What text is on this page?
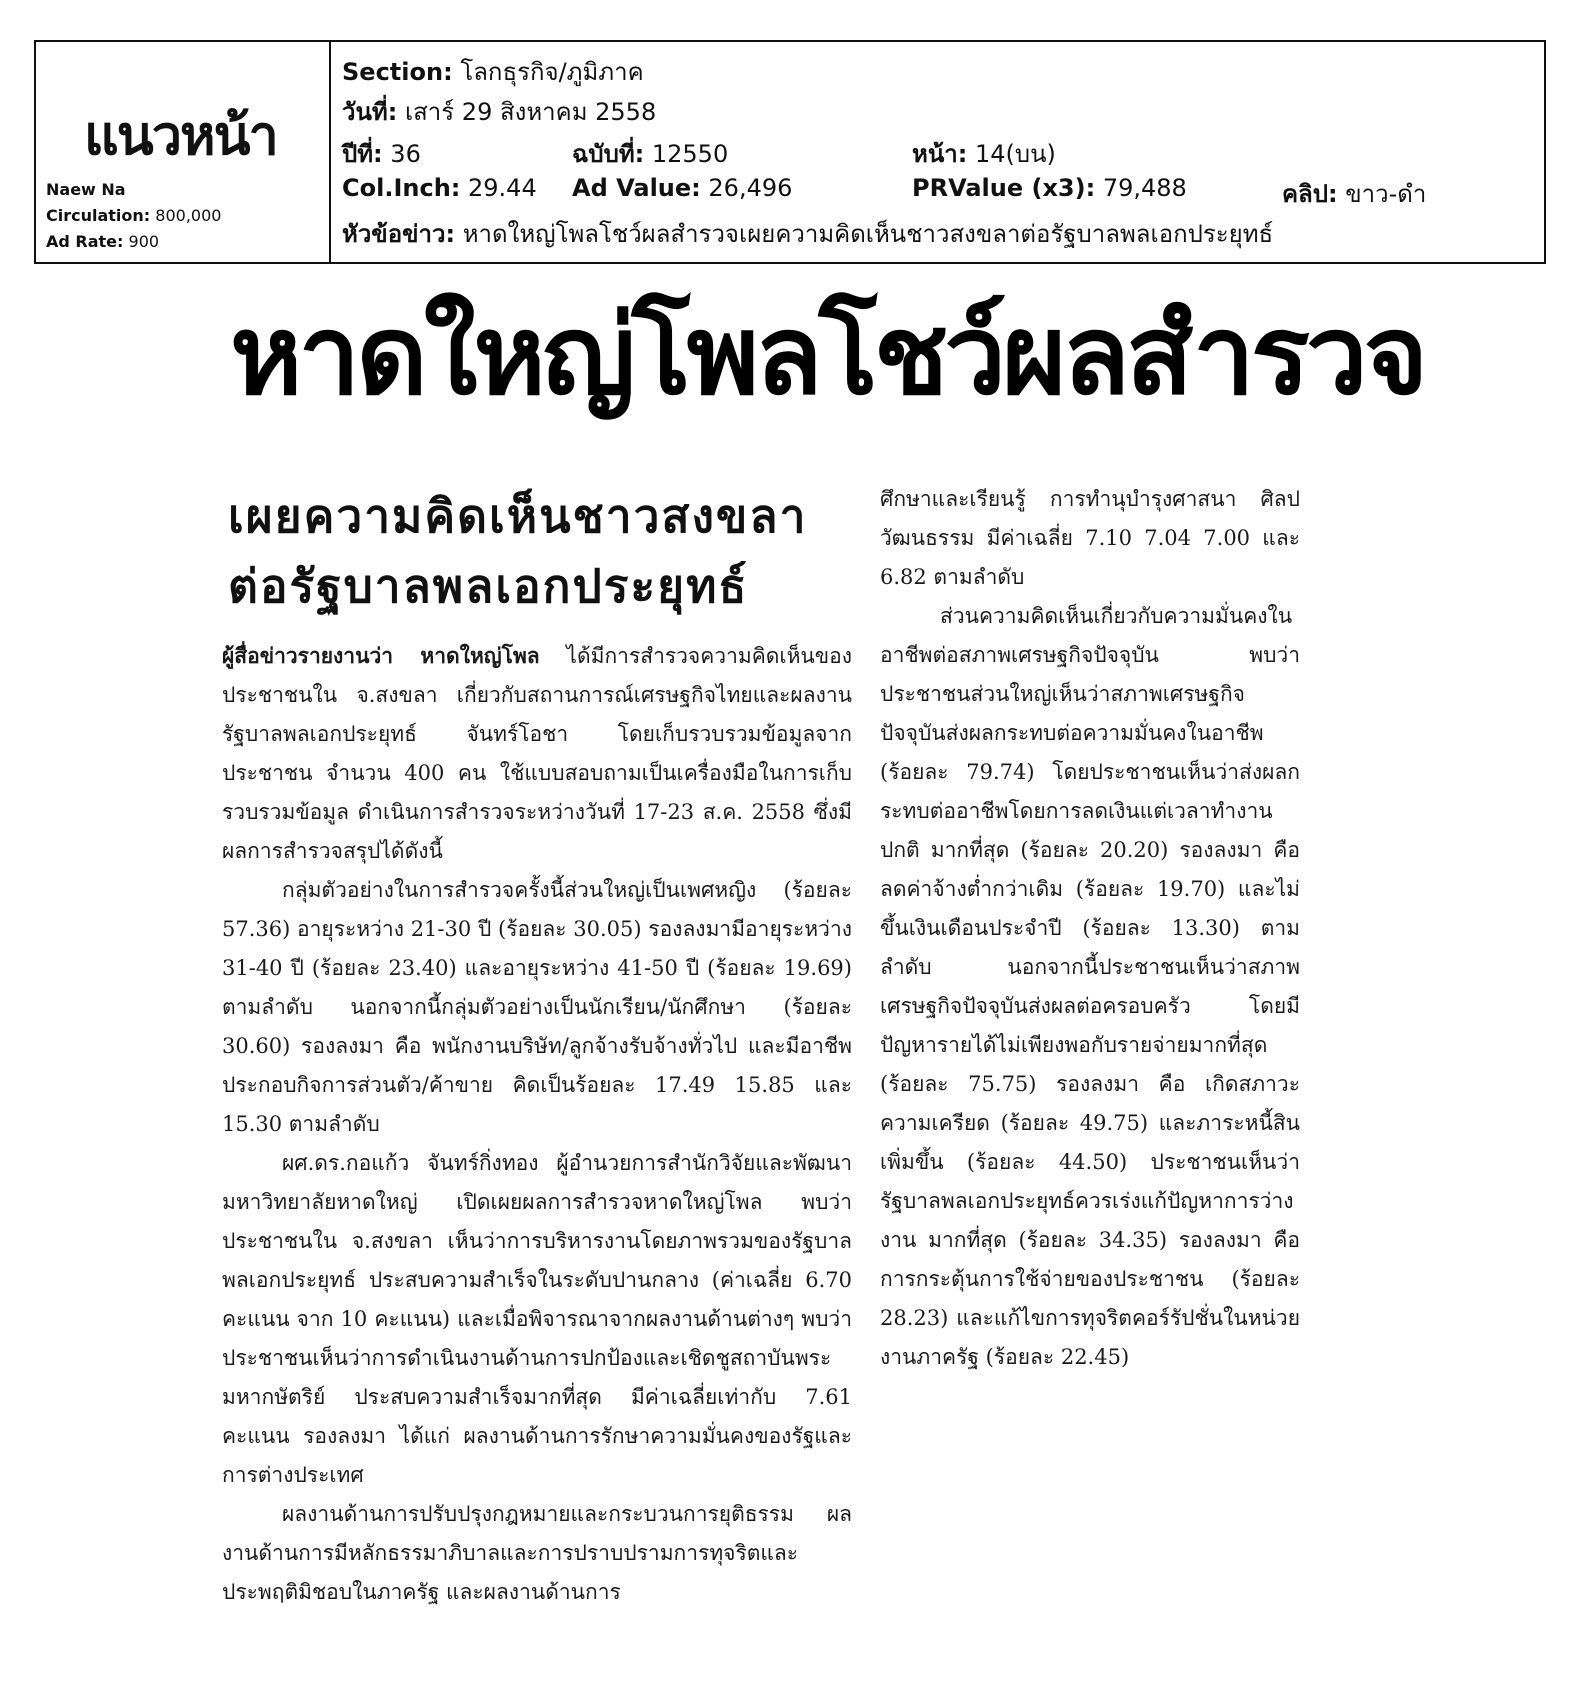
แนวหน้า
Naew Na
Circulation: 800,000
Ad Rate: 900
Section: โลกธุรกิจ/ภูมิภาค
วันที่: เสาร์ 29 สิงหาคม 2558
ปีที่: 36	ฉบับที่: 12550	หน้า: 14(บน)
Col.Inch: 29.44 Ad Value: 26,496	PRValue (x3): 79,488	คลิป: ขาว-ดำ
หัวข้อข่าว: หาดใหญ่โพลโชว์ผลสำรวจเผยความคิดเห็นชาวสงขลาต่อรัฐบาลพลเอกประยุทธ์
หาดใหญ่โพลโชว์ผลสำรวจ
เผยความคิดเห็นชาวสงขลา
ต่อรัฐบาลพลเอกประยุทธ์

ผู้สื่อข่าวรายงานว่า หาดใหญ่โพล ได้มีการสำรวจความคิดเห็นของประชาชนใน จ.สงขลา เกี่ยวกับสถานการณ์เศรษฐกิจไทยและผลงานรัฐบาลพลเอกประยุทธ์ จันทร์โอชา โดยเก็บรวบรวมข้อมูลจากประชาชน จำนวน 400 คน ใช้แบบสอบถามเป็นเครื่องมือในการเก็บรวบรวมข้อมูล ดำเนินการสำรวจระหว่างวันที่ 17-23 ส.ค. 2558 ซึ่งมีผลการสำรวจสรุปได้ดังนี้

กลุ่มตัวอย่างในการสำรวจครั้งนี้ส่วนใหญ่เป็นเพศหญิง (ร้อยละ 57.36) อายุระหว่าง 21-30 ปี (ร้อยละ 30.05) รองลงมามีอายุระหว่าง 31-40 ปี (ร้อยละ 23.40) และอายุระหว่าง 41-50 ปี (ร้อยละ 19.69) ตามลำดับ นอกจากนี้กลุ่มตัวอย่างเป็นนักเรียน/นักศึกษา (ร้อยละ 30.60) รองลงมา คือ พนักงานบริษัท/ลูกจ้างรับจ้างทั่วไป และมีอาชีพประกอบกิจการส่วนตัว/ค้าขาย คิดเป็นร้อยละ 17.49 15.85 และ 15.30 ตามลำดับ

ผศ.ดร.กอแก้ว จันทร์กิ่งทอง ผู้อำนวยการสำนักวิจัยและพัฒนา มหาวิทยาลัยหาดใหญ่ เปิดเผยผลการสำรวจหาดใหญ่โพล พบว่า ประชาชนใน จ.สงขลา เห็นว่าการบริหารงานโดยภาพรวมของรัฐบาลพลเอกประยุทธ์ ประสบความสำเร็จในระดับปานกลาง (ค่าเฉลี่ย 6.70 คะแนน จาก 10 คะแนน) และเมื่อพิจารณาจากผลงานด้านต่างๆ พบว่า ประชาชนเห็นว่าการดำเนินงานด้านการปกป้องและเชิดชูสถาบันพระมหากษัตริย์ ประสบความสำเร็จมากที่สุด มีค่าเฉลี่ยเท่ากับ 7.61 คะแนน รองลงมา ได้แก่ ผลงานด้านการรักษาความมั่นคงของรัฐและการต่างประเทศ

ผลงานด้านการปรับปรุงกฎหมายและกระบวนการยุติธรรม ผลงานด้านการมีหลักธรรมาภิบาลและการปราบปรามการทุจริตและประพฤติมิชอบในภาครัฐ และผลงานด้านการ

ศึกษาและเรียนรู้ การทำนุบำรุงศาสนา ศิลปวัฒนธรรม มีค่าเฉลี่ย 7.10 7.04 7.00 และ 6.82 ตามลำดับ

ส่วนความคิดเห็นเกี่ยวกับความมั่นคงในอาชีพต่อสภาพเศรษฐกิจปัจจุบัน พบว่า ประชาชนส่วนใหญ่เห็นว่าสภาพเศรษฐกิจปัจจุบันส่งผลกระทบต่อความมั่นคงในอาชีพ (ร้อยละ 79.74) โดยประชาชนเห็นว่าส่งผลกระทบต่ออาชีพโดยการลดเงินแต่เวลาทำงานปกติ มากที่สุด (ร้อยละ 20.20) รองลงมา คือ ลดค่าจ้างต่ำกว่าเดิม (ร้อยละ 19.70) และไม่ขึ้นเงินเดือนประจำปี (ร้อยละ 13.30) ตามลำดับ นอกจากนี้ประชาชนเห็นว่าสภาพเศรษฐกิจปัจจุบันส่งผลต่อครอบครัว โดยมีปัญหารายได้ไม่เพียงพอกับรายจ่ายมากที่สุด (ร้อยละ 75.75) รองลงมา คือ เกิดสภาวะความเครียด (ร้อยละ 49.75) และภาระหนี้สินเพิ่มขึ้น (ร้อยละ 44.50) ประชาชนเห็นว่ารัฐบาลพลเอกประยุทธ์ควรเร่งแก้ปัญหาการว่างงาน มากที่สุด (ร้อยละ 34.35) รองลงมา คือ การกระตุ้นการใช้จ่ายของประชาชน (ร้อยละ 28.23) และแก้ไขการทุจริตคอร์รัปชั่นในหน่วยงานภาครัฐ (ร้อยละ 22.45)
